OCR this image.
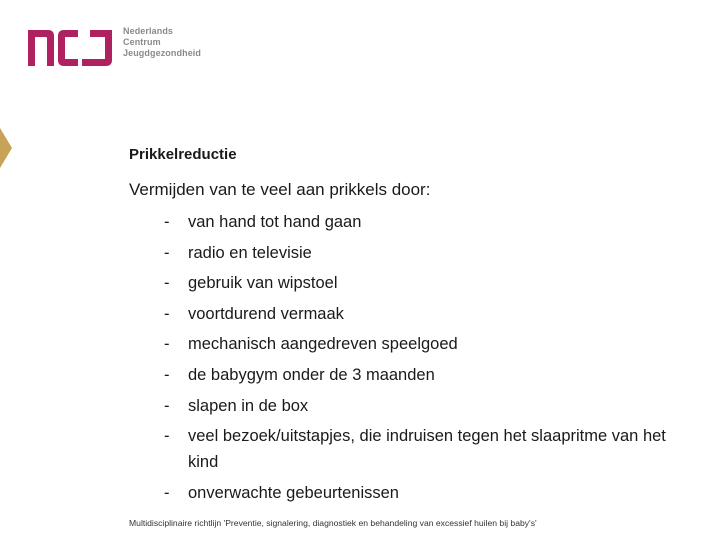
Nederlands
Centrum
Jeugdgezondheid
Prikkelreductie
Vermijden van te veel aan prikkels door:
- van hand tot hand gaan
- radio en televisie
- gebruik van wipstoel
- voortdurend vermaak
- mechanisch aangedreven speelgoed
- de babygym onder de 3 maanden
- slapen in de box
- veel bezoek/uitstapjes, die indruisen tegen het slaapritme van het kind
- onverwachte gebeurtenissen
Multidisciplinaire richtlijn 'Preventie, signalering, diagnostiek en behandeling van excessief huilen bij baby's'
